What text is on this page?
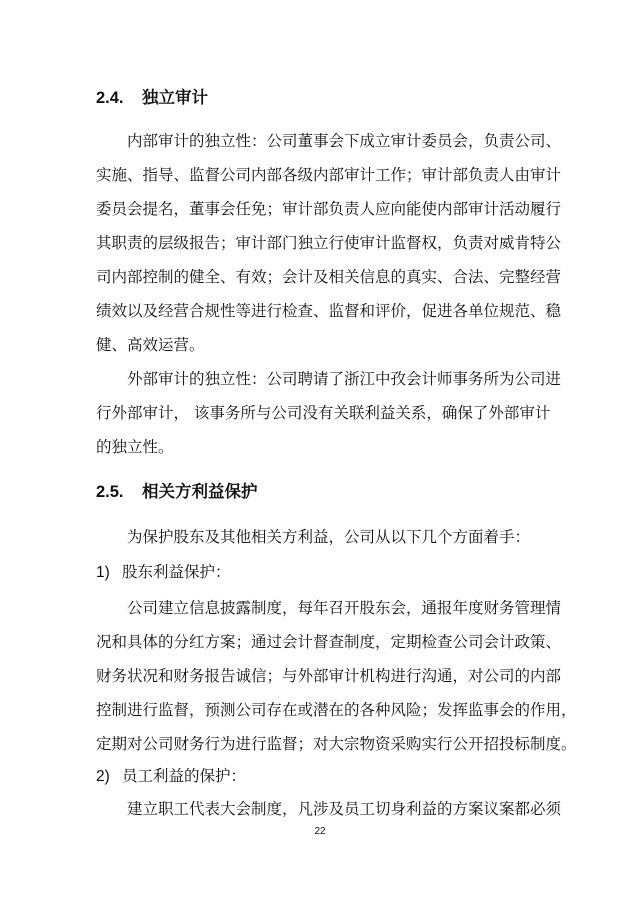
2.4. 独立审计
内部审计的独立性：公司董事会下成立审计委员会，负责公司、
实施、指导、监督公司内部各级内部审计工作；审计部负责人由审计
委员会提名，董事会任免；审计部负责人应向能使内部审计活动履行
其职责的层级报告；审计部门独立行使审计监督权，负责对威肯特公
司内部控制的健全、有效；会计及相关信息的真实、合法、完整经营
绩效以及经营合规性等进行检查、监督和评价，促进各单位规范、稳
健、高效运营。
外部审计的独立性：公司聘请了浙江中孜会计师事务所为公司进
行外部审计， 该事务所与公司没有关联利益关系，确保了外部审计
的独立性。
2.5. 相关方利益保护
为保护股东及其他相关方利益，公司从以下几个方面着手：
1) 股东利益保护：
公司建立信息披露制度，每年召开股东会，通报年度财务管理情
况和具体的分红方案；通过会计督查制度，定期检查公司会计政策、
财务状况和财务报告诚信；与外部审计机构进行沟通，对公司的内部
控制进行监督，预测公司存在或潜在的各种风险；发挥监事会的作用，
定期对公司财务行为进行监督；对大宗物资采购实行公开招投标制度。
2) 员工利益的保护：
建立职工代表大会制度，凡涉及员工切身利益的方案议案都必须
22
